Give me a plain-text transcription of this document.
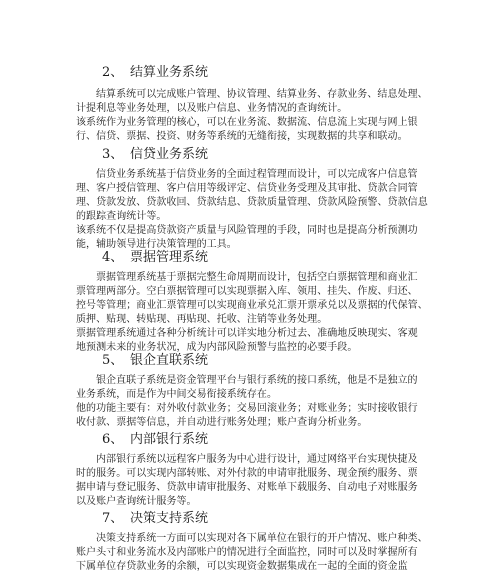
2、 结算业务系统
结算系统可以完成账户管理、协议管理、结算业务、存款业务、结息处理、
计提利息等业务处理，以及账户信息、业务情况的查询统计。
该系统作为业务管理的核心，可以在业务流、数据流、信息流上实现与网上银
行、信贷、票据、投资、财务等系统的无缝衔接，实现数据的共享和联动。
3、 信贷业务系统
信贷业务系统基于信贷业务的全面过程管理而设计，可以完成客户信息管
理、客户授信管理、客户信用等级评定、信贷业务受理及其审批、贷款合同管
理、贷款发放、贷款收回、贷款结息、贷款质量管理、贷款风险预警、贷款信息
的跟踪查询统计等。
该系统不仅是提高贷款资产质量与风险管理的手段，同时也是提高分析预测功
能，辅助领导进行决策管理的工具。
4、 票据管理系统
票据管理系统基于票据完整生命周期而设计，包括空白票据管理和商业汇
票管理两部分。空白票据管理可以实现票据入库、领用、挂失、作废、归还、
控号等管理；商业汇票管理可以实现商业承兑汇票开票承兑以及票据的代保管、
质押、贴现、转贴现、再贴现、托收、注销等业务处理。
票据管理系统通过各种分析统计可以详实地分析过去、准确地反映现实、客观
地预测未来的业务状况，成为内部风险预警与监控的必要手段。
5、 银企直联系统
银企直联子系统是资金管理平台与银行系统的接口系统，他是不是独立的
业务系统，而是作为中间交易衔接系统存在。
他的功能主要有：对外收付款业务；交易回滚业务；对账业务；实时接收银行
收付款、票据等信息，并自动进行账务处理；账户查询分析业务。
6、 内部银行系统
内部银行系统以远程客户服务为中心进行设计，通过网络平台实现快捷及
时的服务。可以实现内部转账、对外付款的申请审批服务、现金预约服务、票
据申请与登记服务、贷款申请审批服务、对账单下载服务、自动电子对账服务
以及账户查询统计服务等。
7、 决策支持系统
决策支持系统一方面可以实现对各下属单位在银行的开户情况、账户种类、
账户头寸和业务流水及内部账户的情况进行全面监控，同时可以及时掌握所有
下属单位存贷款业务的余额，可以实现资金数据集成在一起的全面的资金监
